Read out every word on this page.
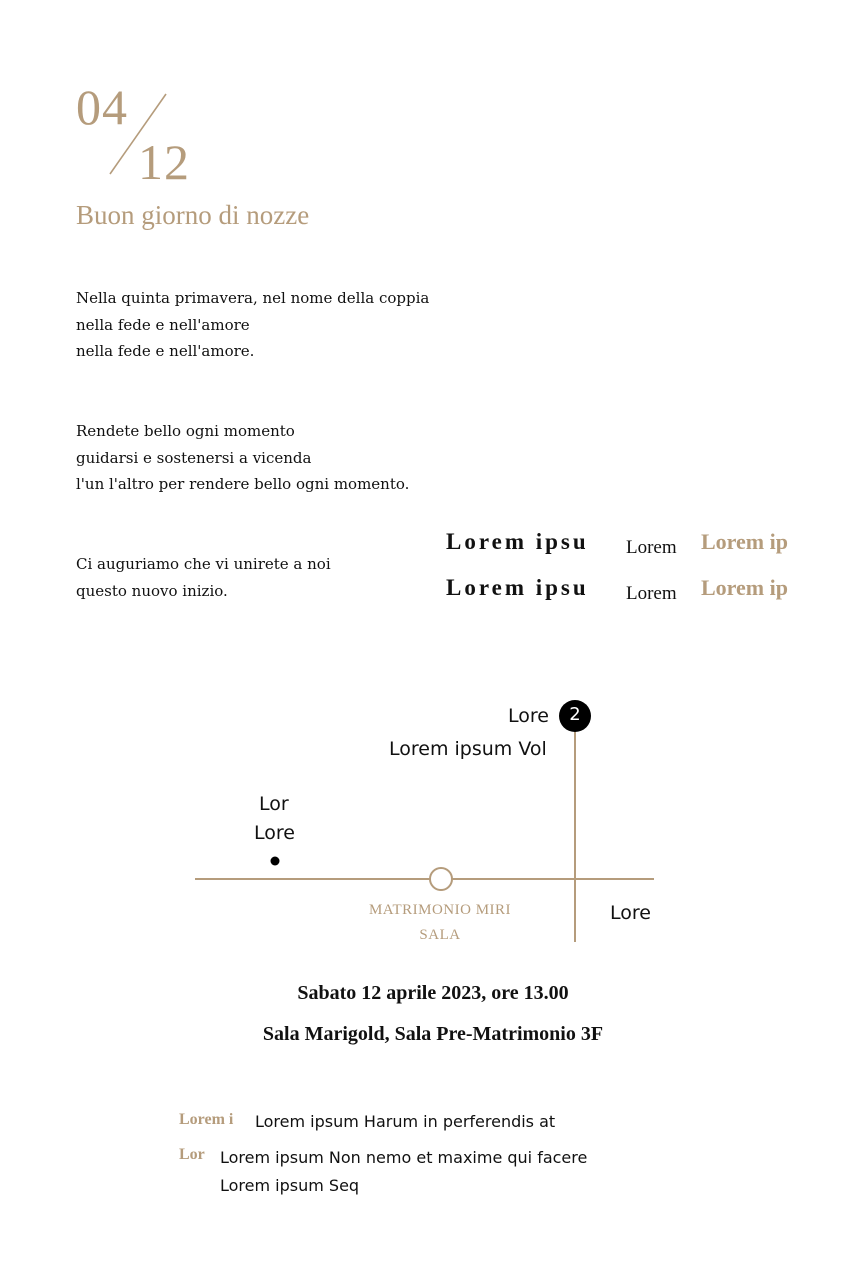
04
12
Buon giorno di nozze
Nella quinta primavera, nel nome della coppia
nella fede e nell'amore
nella fede e nell'amore.
Rendete bello ogni momento
guidarsi e sostenersi a vicenda
l'un l'altro per rendere bello ogni momento.
Ci auguriamo che vi unirete a noi
questo nuovo inizio.
Lorem ipsu Lorem Lorem ip
Lorem ipsu Lorem Lorem ip
2
Lore
Lorem ipsum Vol
Lor
Lore
MATRIMONIO MIRI
SALA
Lore
Sabato 12 aprile 2023, ore 13.00
Sala Marigold, Sala Pre-Matrimonio 3F
Lorem i Lorem ipsum Harum in perferendis at
Lor Lorem ipsum Non nemo et maxime qui facere
Lorem ipsum Seq
